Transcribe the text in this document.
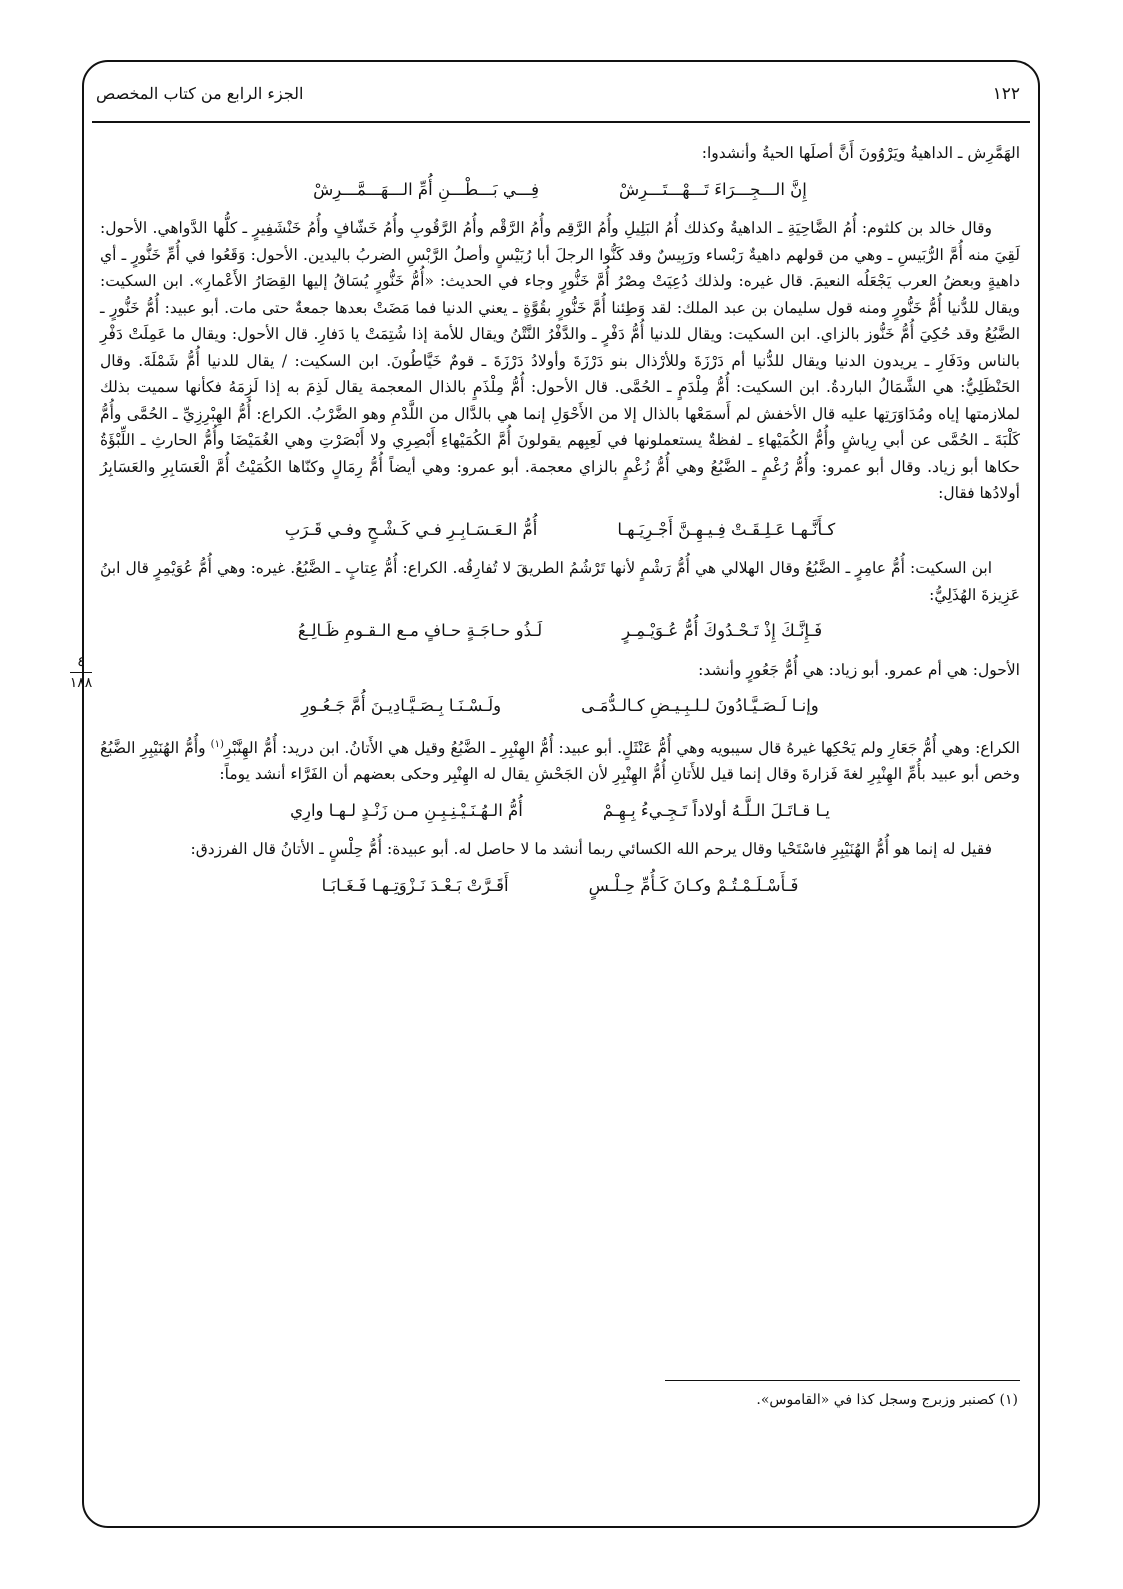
١٢٢
الجزء الرابع من كتاب المخصص
٤
١٨٨

الهَمَّرِش ـ الداهيةُ ويَرْوُونَ أَنَّ أصلَها الحيةُ وأنشدوا:

إِنَّ الـــجِـــرَاءَ تَـــهْـــتَـــرِشْ
فِـــي بَـــطْـــنِ أُمِّ الـــهَـــمَّـــرِشْ

وقال خالد بن كلثوم: أُمُ الضَّاحِيَةِ ـ الداهيةُ وكذلك أُمُ البَلِيلِ وأُمُ الرَّقِم وأُمُ الرَّقْم وأُمُ الرَّقُوبِ وأُمُ خَشّافٍ وأُمُ خَنْشَفِيرٍ ـ كلُّها الدَّواهي. الأحول: لَقِيَ منه أُمَّ الرُّبَيسِ ـ وهي من قولهم داهيةٌ رَبْساء ورَبِيسٌ وقد كَنُّوا الرجلَ أبا رُبَيْسٍ وأصلُ الرَّبْسِ الضربُ باليدين. الأحول: وَقَعُوا في أُمِّ خَنُّورٍ ـ أي داهيةٍ وبعضُ العرب يَجْعَلُه النعيمَ. قال غيره: ولذلك دُعِيَتْ مِصْرُ أُمَّ خَنُّورٍ وجاء في الحديث: «أُمُّ خَنُّورٍ يُسَاقُ إليها القِصَارُ الأَعْمارِ». ابن السكيت: ويقال للدُّنيا أُمُّ خَنُّورٍ ومنه قول سليمان بن عبد الملك: لقد وَطِئنا أُمَّ خَنُّورٍ بقُوَّةٍ ـ يعني الدنيا فما مَضَتْ بعدها جمعةٌ حتى مات. أبو عبيد: أُمُّ خَنُّورٍ ـ الضَّبُعُ وقد حُكِيَ أُمُّ خَنُّوز بالزاي. ابن السكيت: ويقال للدنيا أُمُّ دَفْرٍ ـ والدَّفْرُ النَّتْنُ ويقال للأمة إذا شُتِمَتْ يا دَفارِ. قال الأحول: ويقال ما عَمِلَتْ دَفْرِ بالناس ودَفَارِ ـ يريدون الدنيا ويقال للدُّنيا أم دَرْزَةَ وللأرْذال بنو دَرْزَةَ وأولادُ دَرْزَةَ ـ قومٌ خَيَّاطُونَ. ابن السكيت: / يقال للدنيا أُمُّ شَمْلَةَ. وقال الحَنْظَلِيُّ: هي الشَّمَالُ الباردةُ. ابن السكيت: أُمُّ مِلْدَمٍ ـ الحُمَّى. قال الأحول: أُمُّ مِلْذَمٍ بالذال المعجمة يقال لَذِمَ به إذا لَزِمَهُ فكأنها سميت بذلك لملازمتها إياه ومُدَاوَرَتِها عليه قال الأخفش لم أَسمَعْها بالذال إلا من الأَحْوَلِ إنما هي بالدَّال من اللَّدْمِ وهو الضَّرْبُ. الكراع: أُمُّ الهِبْرِزِيِّ ـ الحُمَّى وأُمُّ كَلْبَةَ ـ الحُمَّى عن أبي رِياشٍ وأُمُّ الكُمَيْهاءِ ـ لفظةٌ يستعملونها في لَعِبِهم يقولونَ أُمَّ الكُمَيْهاءِ أَبْصِرِي ولا أَبْصَرْتِ وهي الغُمَيْضَا وأُمُّ الحارثِ ـ اللِّبْؤَةُ حكاها أبو زياد. وقال أبو عمرو: وأُمُّ رُغْمٍ ـ الضَّبُعُ وهي أُمُّ زُغْمٍ بالزاي معجمة. أبو عمرو: وهي أيضاً أُمُّ رِمَالٍ وكنّاها الكُمَيْتُ أُمَّ الْعَسَابِرِ والعَسَابِرُ أولادُها فقال:

كـأَنَّـهـا عَـلِـقَـتْ فِـيـهِـنَّ أَجْـرِيَـهـا
أُمُّ الـعَـسَـابِـرِ فـي كَـشْـحٍ وفـي قَـرَبِ

ابن السكيت: أُمُّ عامِرٍ ـ الضَّبُعُ وقال الهلالي هي أُمُّ رَشْمٍ لأنها تَرْشُمُ الطريقَ لا تُفارِقُه. الكراع: أُمُّ عِتابٍ ـ الضَّبُعُ. غيره: وهي أُمُّ عُوَيْمِرٍ قال ابنُ عَزِيزةَ الهُذَلِيُّ:

فَـإِنَّـكَ إِذْ تَـحْـدُوكَ أُمُّ عُـوَيْـمِـرٍ
لَـذُو حـاجَـةٍ حـافٍ مـع الـقـومِ ظَـالِـعُ

الأحول: هي أم عمرو. أبو زياد: هي أُمُّ جَعُورٍ وأنشد:

وإنـا لَـصَـيَّـادُونَ لـلـبِـيـضِ كـالـدُّمَـى
ولَـسْـنَـا بِـصَـيَّـادِيـنَ أُمَّ جَـعُـورِ

الكراع: وهي أُمُّ جَعَارِ ولم يَحْكِها غيرهُ قال سيبويه وهي أُمُّ عَنْثَلٍ. أبو عبيد: أُمُّ الهِنْبِرِ ـ الضَّبُعُ وقيل هي الأَتانُ. ابن دريد: أُمُّ الهِنَّبْرِ$^{(١)}$ وأُمُّ الهُنَيْبِرِ الضَّبُعُ وخص أبو عبيد بأُمِّ الهِنْبِرِ لغةَ فَزارةَ وقال إنما قيل للأَتانِ أُمُّ الهِنْبِرِ لأن الجَحْشِ يقال له الهِنْبِر وحكى بعضهم أن الفَرَّاء أنشد يوماً:

يـا قـاتَـلَ الـلَّـهُ أولاداً تَـجِـيءُ بِـهِـمْ
أُمُّ الـهُـنَـيْـنِـبِـنِ مـن زَنْـدٍ لـهـا وارِي

فقيل له إنما هو أُمُّ الهُنَيْبِرِ فاسْتَحْيا وقال يرحم الله الكسائي ربما أنشد ما لا حاصل له. أبو عبيدة: أُمُّ حِلْسٍ ـ الأتانُ قال الفرزدق:

فَـأَسْـلَـمْـتُـمْ وكـانَ كَـأُمِّ حِـلْـسٍ
أَقَـرَّتْ بَـعْـدَ نَـزْوَتِـهـا فَـغَـابَـا
(١) كصنبر وزبرج وسجل كذا في «القاموس».
